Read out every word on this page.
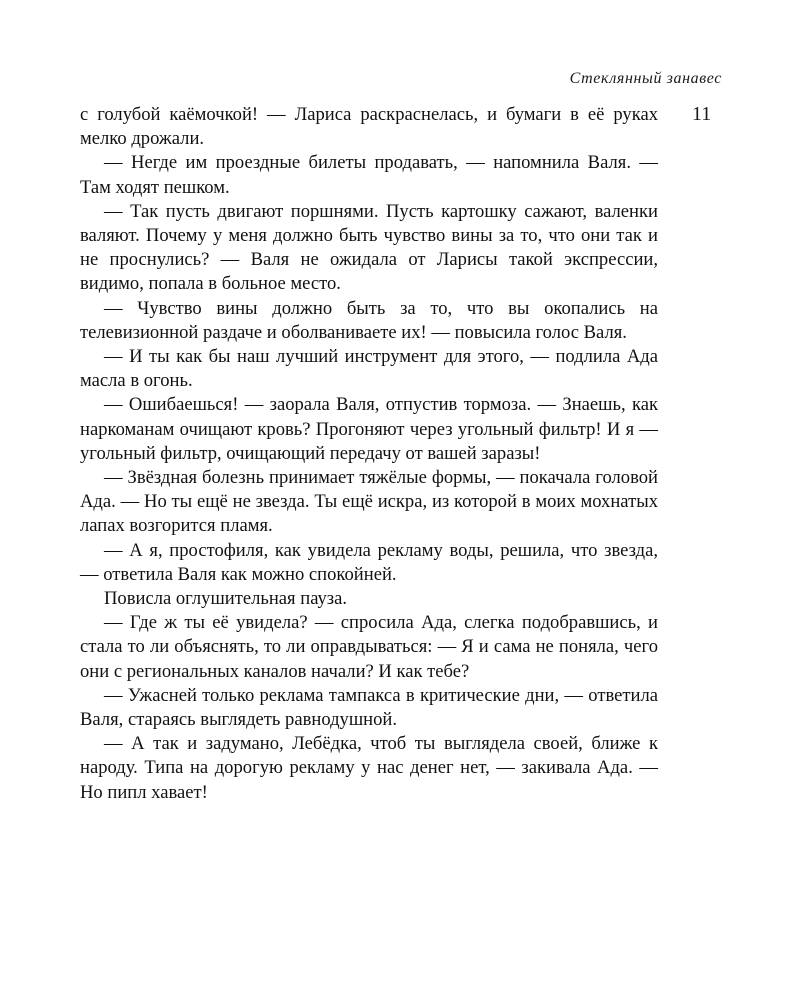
Стеклянный занавес
11

с голубой каёмочкой! — Лариса раскраснелась, и бумаги в её руках мелко дрожали.

— Негде им проездные билеты продавать, — напомнила Валя. — Там ходят пешком.

— Так пусть двигают поршнями. Пусть картошку сажают, валенки валяют. Почему у меня должно быть чувство вины за то, что они так и не проснулись? — Валя не ожидала от Ларисы такой экспрессии, видимо, попала в больное место.

— Чувство вины должно быть за то, что вы окопались на телевизионной раздаче и оболваниваете их! — повысила голос Валя.

— И ты как бы наш лучший инструмент для этого, — подлила Ада масла в огонь.

— Ошибаешься! — заорала Валя, отпустив тормоза. — Знаешь, как наркоманам очищают кровь? Прогоняют через угольный фильтр! И я — угольный фильтр, очищающий передачу от вашей заразы!

— Звёздная болезнь принимает тяжёлые формы, — покачала головой Ада. — Но ты ещё не звезда. Ты ещё искра, из которой в моих мохнатых лапах возгорится пламя.

— А я, простофиля, как увидела рекламу воды, решила, что звезда, — ответила Валя как можно спокойней.

Повисла оглушительная пауза.

— Где ж ты её увидела? — спросила Ада, слегка подобравшись, и стала то ли объяснять, то ли оправдываться: — Я и сама не поняла, чего они с региональных каналов начали? И как тебе?

— Ужасней только реклама тампакса в критические дни, — ответила Валя, стараясь выглядеть равнодушной.

— А так и задумано, Лебёдка, чтоб ты выглядела своей, ближе к народу. Типа на дорогую рекламу у нас денег нет, — закивала Ада. — Но пипл хавает!
